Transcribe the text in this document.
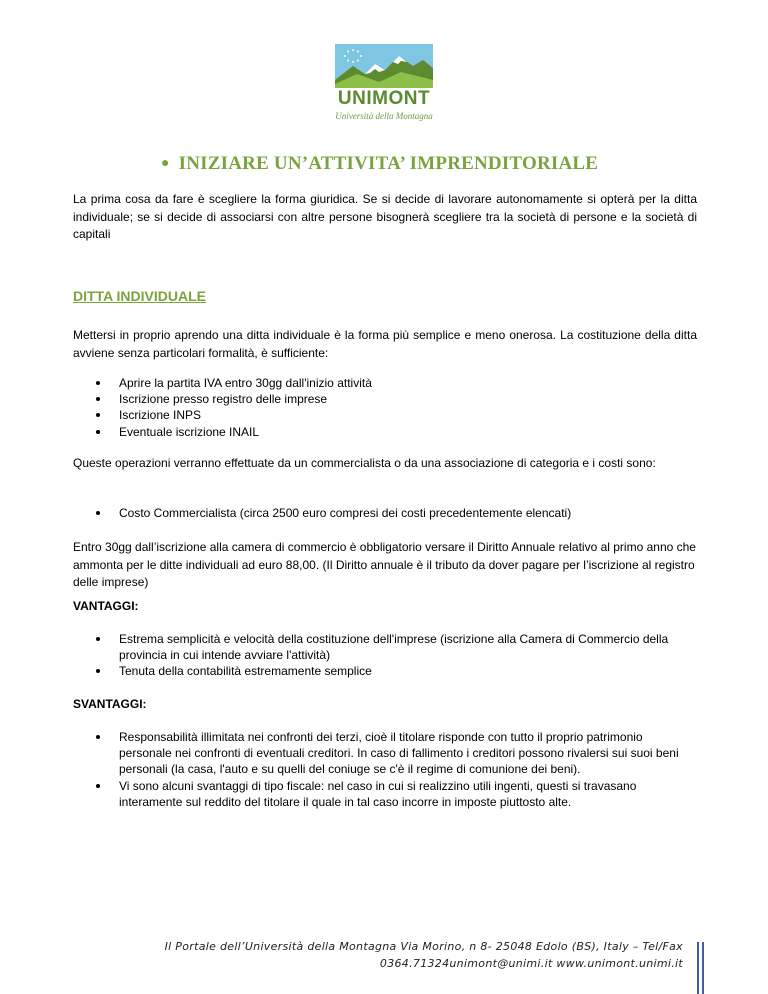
UNIMONT
Università della Montagna
● INIZIARE UN’ATTIVITA’ IMPRENDITORIALE
La prima cosa da fare è scegliere la forma giuridica. Se si decide di lavorare autonomamente si opterà per la ditta individuale; se si decide di associarsi con altre persone bisognerà scegliere tra la società di persone e la società di capitali
DITTA INDIVIDUALE
Mettersi in proprio aprendo una ditta individuale è la forma più semplice e meno onerosa. La costituzione della ditta avviene senza particolari formalità, è sufficiente:
Aprire la partita IVA entro 30gg dall'inizio attività
Iscrizione presso registro delle imprese
Iscrizione INPS
Eventuale iscrizione INAIL
Queste operazioni verranno effettuate da un commercialista o da una associazione di categoria e i costi sono:
Costo Commercialista (circa 2500 euro compresi dei costi precedentemente elencati)
Entro 30gg dall’iscrizione alla camera di commercio è obbligatorio versare il Diritto Annuale relativo al primo anno che ammonta per le ditte individuali ad euro 88,00. (Il Diritto annuale è il tributo da dover pagare per l’iscrizione al registro delle imprese)
VANTAGGI:
Estrema semplicità e velocità della costituzione dell'imprese (iscrizione alla Camera di Commercio della provincia in cui intende avviare l'attività)
Tenuta della contabilità estremamente semplice
SVANTAGGI:
Responsabilità illimitata nei confronti dei terzi, cioè il titolare risponde con tutto il proprio patrimonio personale nei confronti di eventuali creditori. In caso di fallimento i creditori possono rivalersi sui suoi beni personali (la casa, l'auto e su quelli del coniuge se c'è il regime di comunione dei beni).
Vi sono alcuni svantaggi di tipo fiscale: nel caso in cui si realizzino utili ingenti, questi si travasano interamente sul reddito del titolare il quale in tal caso incorre in imposte piuttosto alte.
Il Portale dell’Università della Montagna Via Morino, n 8- 25048 Edolo (BS), Italy – Tel/Fax
0364.71324unimont@unimi.it www.unimont.unimi.it
